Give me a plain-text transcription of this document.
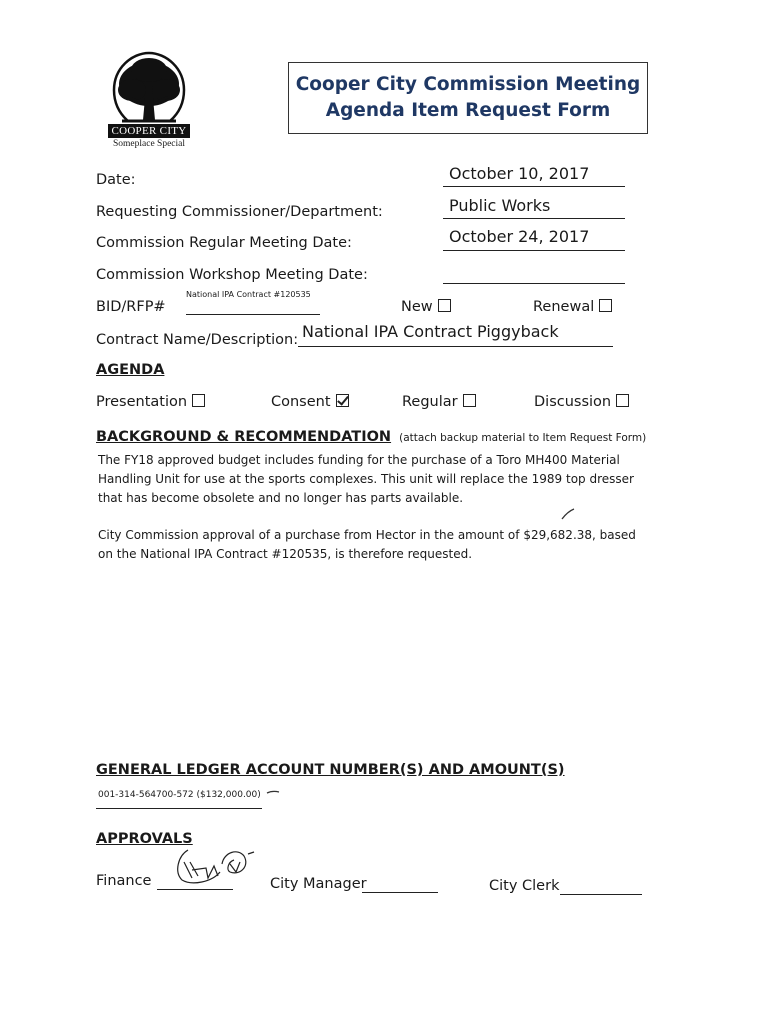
COOPER CITY
Someplace Special
Cooper City Commission Meeting
Agenda Item Request Form
Date:	October 10, 2017
Requesting Commissioner/Department:	Public Works
Commission Regular Meeting Date:	October 24, 2017
Commission Workshop Meeting Date:
BID/RFP#
National IPA Contract #120535
New	Renewal
Contract Name/Description: National IPA Contract Piggyback
AGENDA
Presentation	Consent	Regular	Discussion
BACKGROUND & RECOMMENDATION (attach backup material to Item Request Form)
The FY18 approved budget includes funding for the purchase of a Toro MH400 Material Handling Unit for use at the sports complexes. This unit will replace the 1989 top dresser that has become obsolete and no longer has parts available.
City Commission approval of a purchase from Hector in the amount of $29,682.38, based on the National IPA Contract #120535, is therefore requested.
GENERAL LEDGER ACCOUNT NUMBER(S) AND AMOUNT(S)
001-314-564700-572 ($132,000.00)
APPROVALS
Finance	City Manager	City Clerk
